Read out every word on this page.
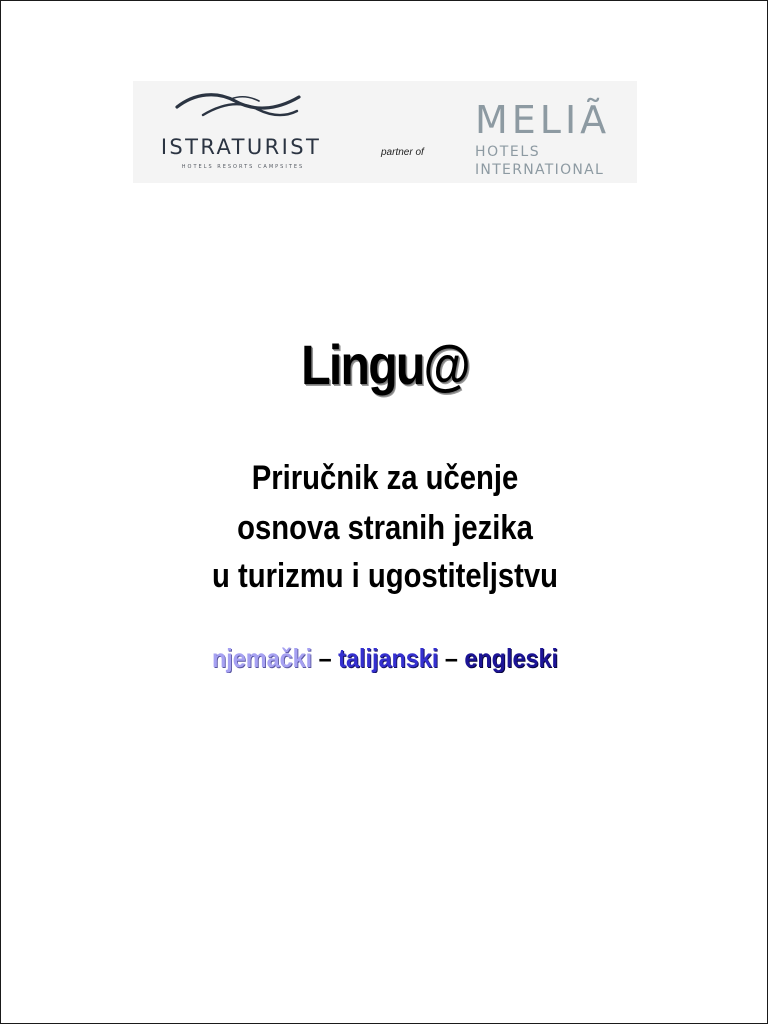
ISTRATURIST
HOTELS RESORTS CAMPSITES
partner of
MELIÃ
HOTELS
INTERNATIONAL
Lingu@
Priručnik za učenje
osnova stranih jezika
u turizmu i ugostiteljstvu
njemački – talijanski – engleski
